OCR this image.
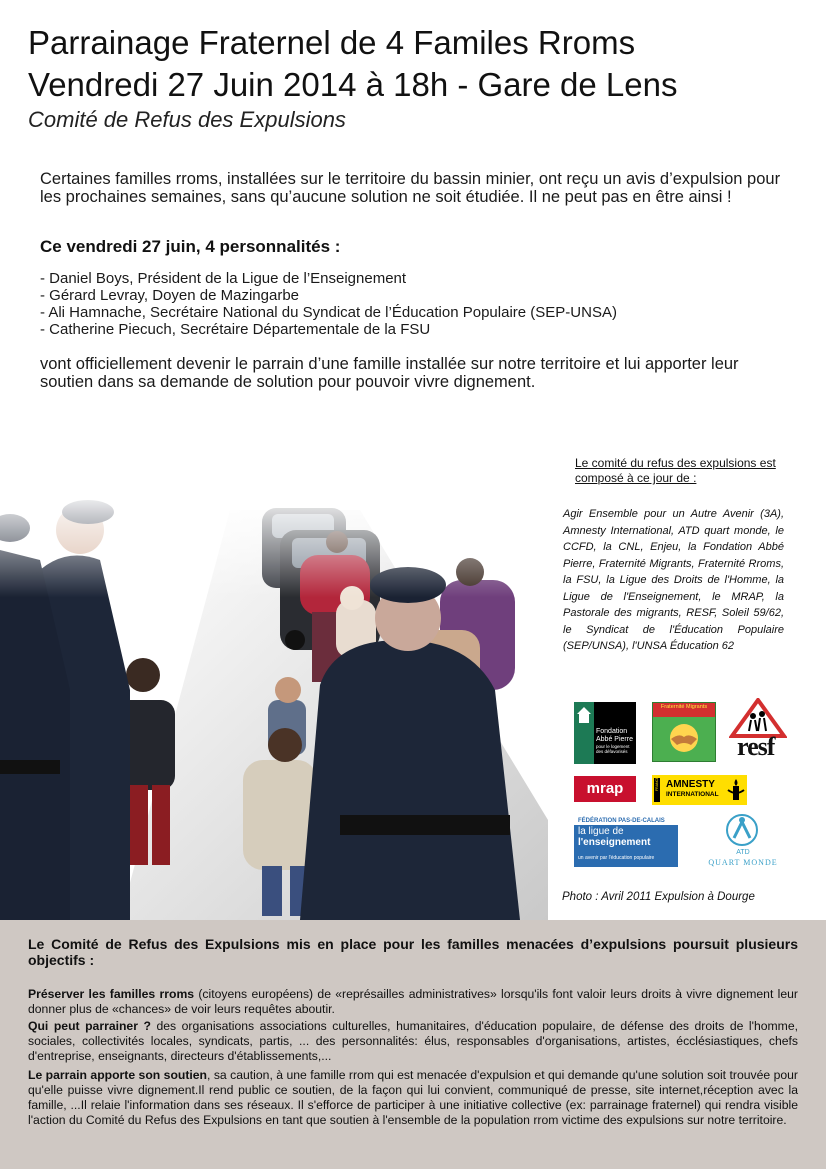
Parrainage Fraternel de 4 Familes Rroms
Vendredi 27 Juin 2014 à 18h - Gare de Lens
Comité de Refus des Expulsions
Certaines familles rroms, installées sur le territoire du bassin minier, ont reçu un avis d’expulsion pour les prochaines semaines, sans qu’aucune solution ne soit étudiée. Il ne peut pas en être ainsi !
Ce vendredi 27 juin, 4 personnalités :
- Daniel Boys, Président de la Ligue de l’Enseignement
- Gérard Levray, Doyen de Mazingarbe
- Ali Hamnache, Secrétaire National du Syndicat de l’Éducation Populaire (SEP-UNSA)
- Catherine Piecuch, Secrétaire Départementale de la FSU
vont officiellement devenir le parrain d’une famille installée sur notre territoire et lui apporter leur soutien dans sa demande de solution pour pouvoir vivre dignement.
Le comité du refus des expulsions est composé à ce jour de :
Agir Ensemble pour un Autre Avenir (3A), Amnesty International, ATD quart monde, le CCFD, la CNL, Enjeu, la Fondation Abbé Pierre, Fraternité Migrants, Fraternité Rroms, la FSU, la Ligue des Droits de l'Homme, la Ligue de l'Enseignement, le MRAP, la Pastorale des migrants, RESF, Soleil 59/62, le Syndicat de l'Éducation Populaire (SEP/UNSA), l'UNSA Éducation 62
Fondation
Abbé Pierre
pour le logement
des défavorisés
Fraternité Migrants
resf
mrap	FRANCE AMNESTY
INTERNATIONAL
FÉDÉRATION PAS-DE-CALAIS
la ligue de
l'enseignement
un avenir par l'éducation populaire
ATD
QUART MONDE
Photo : Avril 2011 Expulsion à Dourge
Le Comité de Refus des Expulsions mis en place pour les familles menacées d’expulsions poursuit plusieurs objectifs :

Préserver les familles rroms (citoyens européens) de «représailles administratives» lorsqu'ils font valoir leurs droits à vivre dignement leur donner plus de «chances» de voir leurs requêtes aboutir.

Qui peut parrainer ? des organisations associations culturelles, humanitaires, d'éducation populaire, de défense des droits de l'homme, sociales, collectivités locales, syndicats, partis, ... des personnalités: élus, responsables d'organisations, artistes, écclésiastiques, chefs d'entreprise, enseignants, directeurs d'établissements,...

Le parrain apporte son soutien, sa caution, à une famille rrom qui est menacée d'expulsion et qui demande qu'une solution soit trouvée pour qu'elle puisse vivre dignement.Il rend public ce soutien, de la façon qui lui convient, communiqué de presse, site internet,réception avec la famille, ...Il relaie l'information dans ses réseaux. Il s'efforce de participer à une initiative collective (ex: parrainage fraternel) qui rendra visible l'action du Comité du Refus des Expulsions en tant que soutien à l'ensemble de la population rrom victime des expulsions sur notre territoire.
